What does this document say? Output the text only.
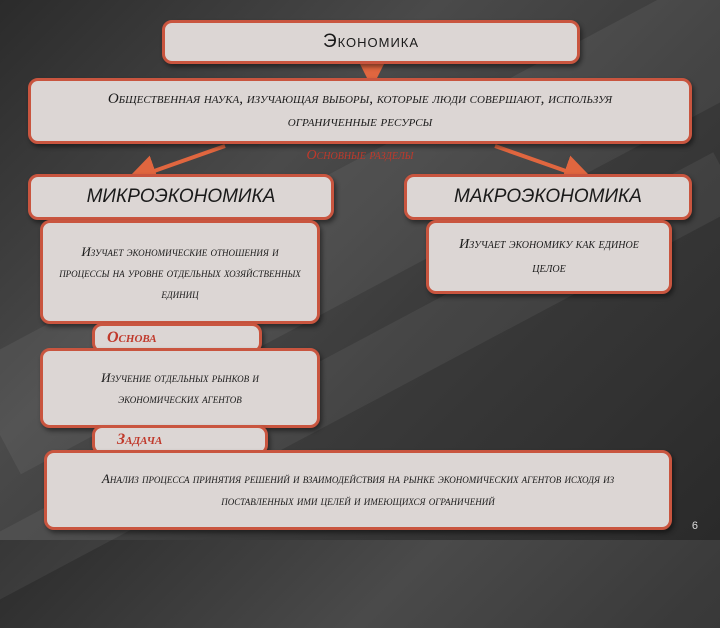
Экономика
Общественная наука, изучающая выборы, которые люди совершают, используя ограниченные ресурсы
Основные разделы
МИКРОЭКОНОМИКА	МАКРОЭКОНОМИКА
Изучает экономические отношения и процессы на уровне отдельных хозяйственных единиц
Изучает экономику как единое целое
Основа
Изучение отдельных рынков и экономических агентов
Задача
Анализ процесса принятия решений и взаимодействия на рынке экономических агентов исходя из поставленных ими целей и имеющихся ограничений
6
